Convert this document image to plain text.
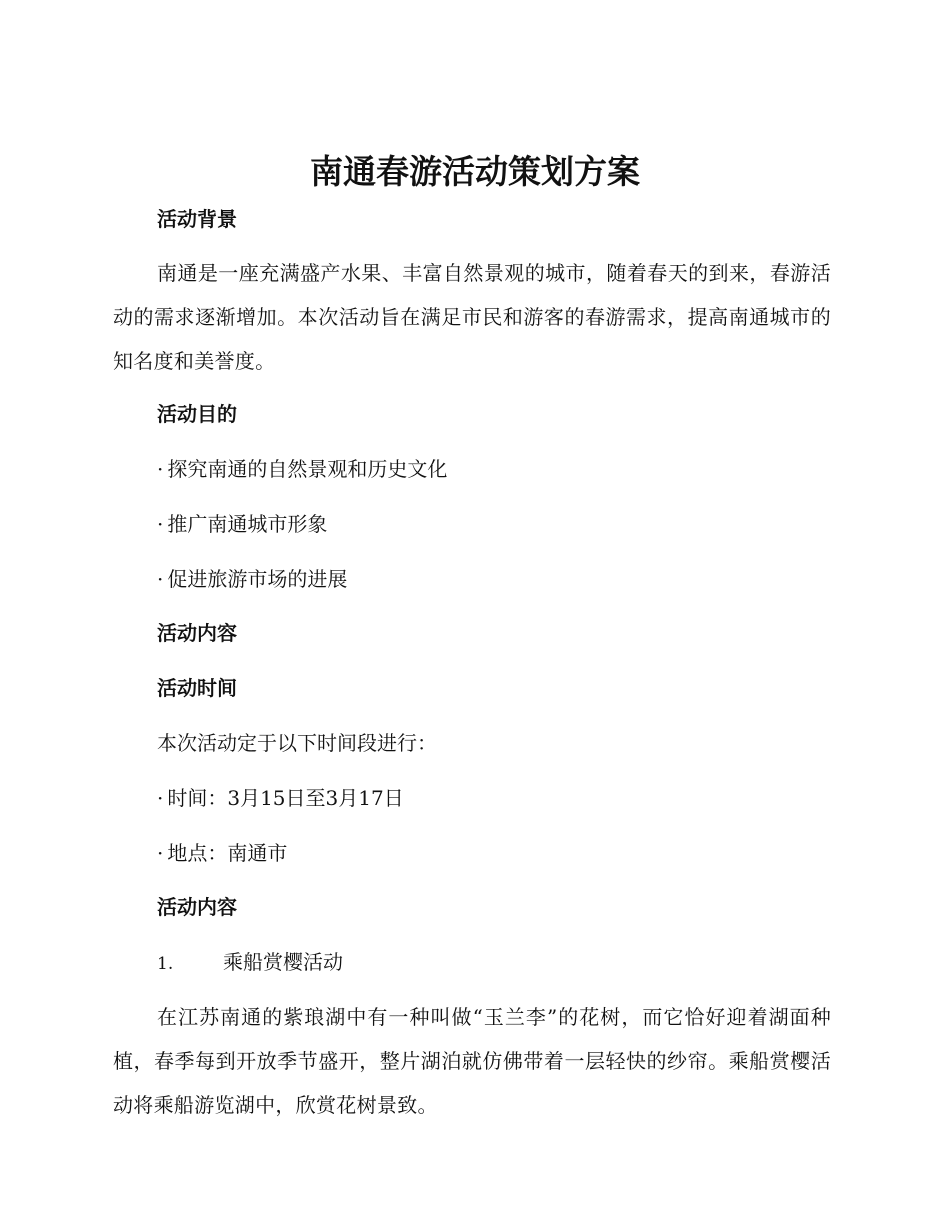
南通春游活动策划方案
活动背景

南通是一座充满盛产水果、丰富自然景观的城市，随着春天的到来，春游活动的需求逐渐增加。本次活动旨在满足市民和游客的春游需求，提高南通城市的知名度和美誉度。

活动目的

· 探究南通的自然景观和历史文化

· 推广南通城市形象

· 促进旅游市场的进展

活动内容
活动时间

本次活动定于以下时间段进行：

· 时间：3月15日至3月17日

· 地点：南通市

活动内容

1. 乘船赏樱活动

在江苏南通的紫琅湖中有一种叫做“玉兰李”的花树，而它恰好迎着湖面种植，春季每到开放季节盛开，整片湖泊就仿佛带着一层轻快的纱帘。乘船赏樱活动将乘船游览湖中，欣赏花树景致。
